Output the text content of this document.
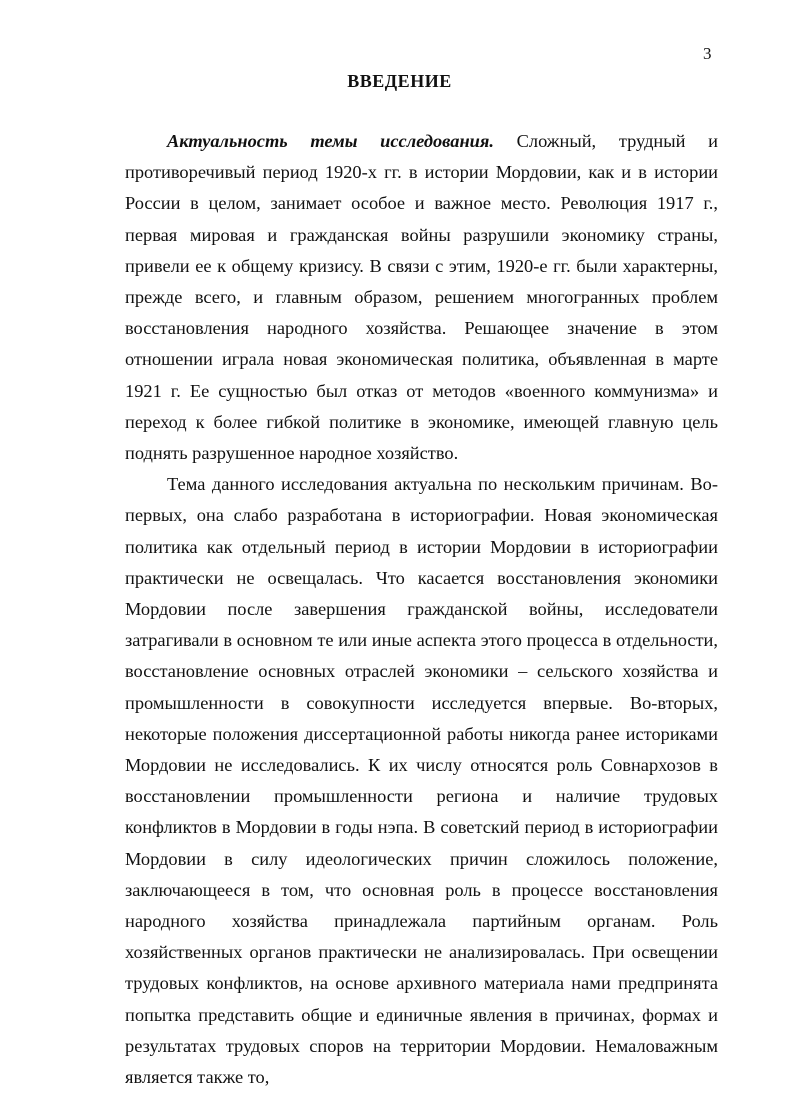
3
ВВЕДЕНИЕ

Актуальность темы исследования. Сложный, трудный и противоречивый период 1920-х гг. в истории Мордовии, как и в истории России в целом, занимает особое и важное место. Революция 1917 г., первая мировая и гражданская войны разрушили экономику страны, привели ее к общему кризису. В связи с этим, 1920-е гг. были характерны, прежде всего, и главным образом, решением многогранных проблем восстановления народного хозяйства. Решающее значение в этом отношении играла новая экономическая политика, объявленная в марте 1921 г. Ее сущностью был отказ от методов «военного коммунизма» и переход к более гибкой политике в экономике, имеющей главную цель поднять разрушенное народное хозяйство.

Тема данного исследования актуальна по нескольким причинам. Во-первых, она слабо разработана в историографии. Новая экономическая политика как отдельный период в истории Мордовии в историографии практически не освещалась. Что касается восстановления экономики Мордовии после завершения гражданской войны, исследователи затрагивали в основном те или иные аспекта этого процесса в отдельности, восстановление основных отраслей экономики – сельского хозяйства и промышленности в совокупности исследуется впервые. Во-вторых, некоторые положения диссертационной работы никогда ранее историками Мордовии не исследовались. К их числу относятся роль Совнархозов в восстановлении промышленности региона и наличие трудовых конфликтов в Мордовии в годы нэпа. В советский период в историографии Мордовии в силу идеологических причин сложилось положение, заключающееся в том, что основная роль в процессе восстановления народного хозяйства принадлежала партийным органам. Роль хозяйственных органов практически не анализировалась. При освещении трудовых конфликтов, на основе архивного материала нами предпринята попытка представить общие и единичные явления в причинах, формах и результатах трудовых споров на территории Мордовии. Немаловажным является также то,
